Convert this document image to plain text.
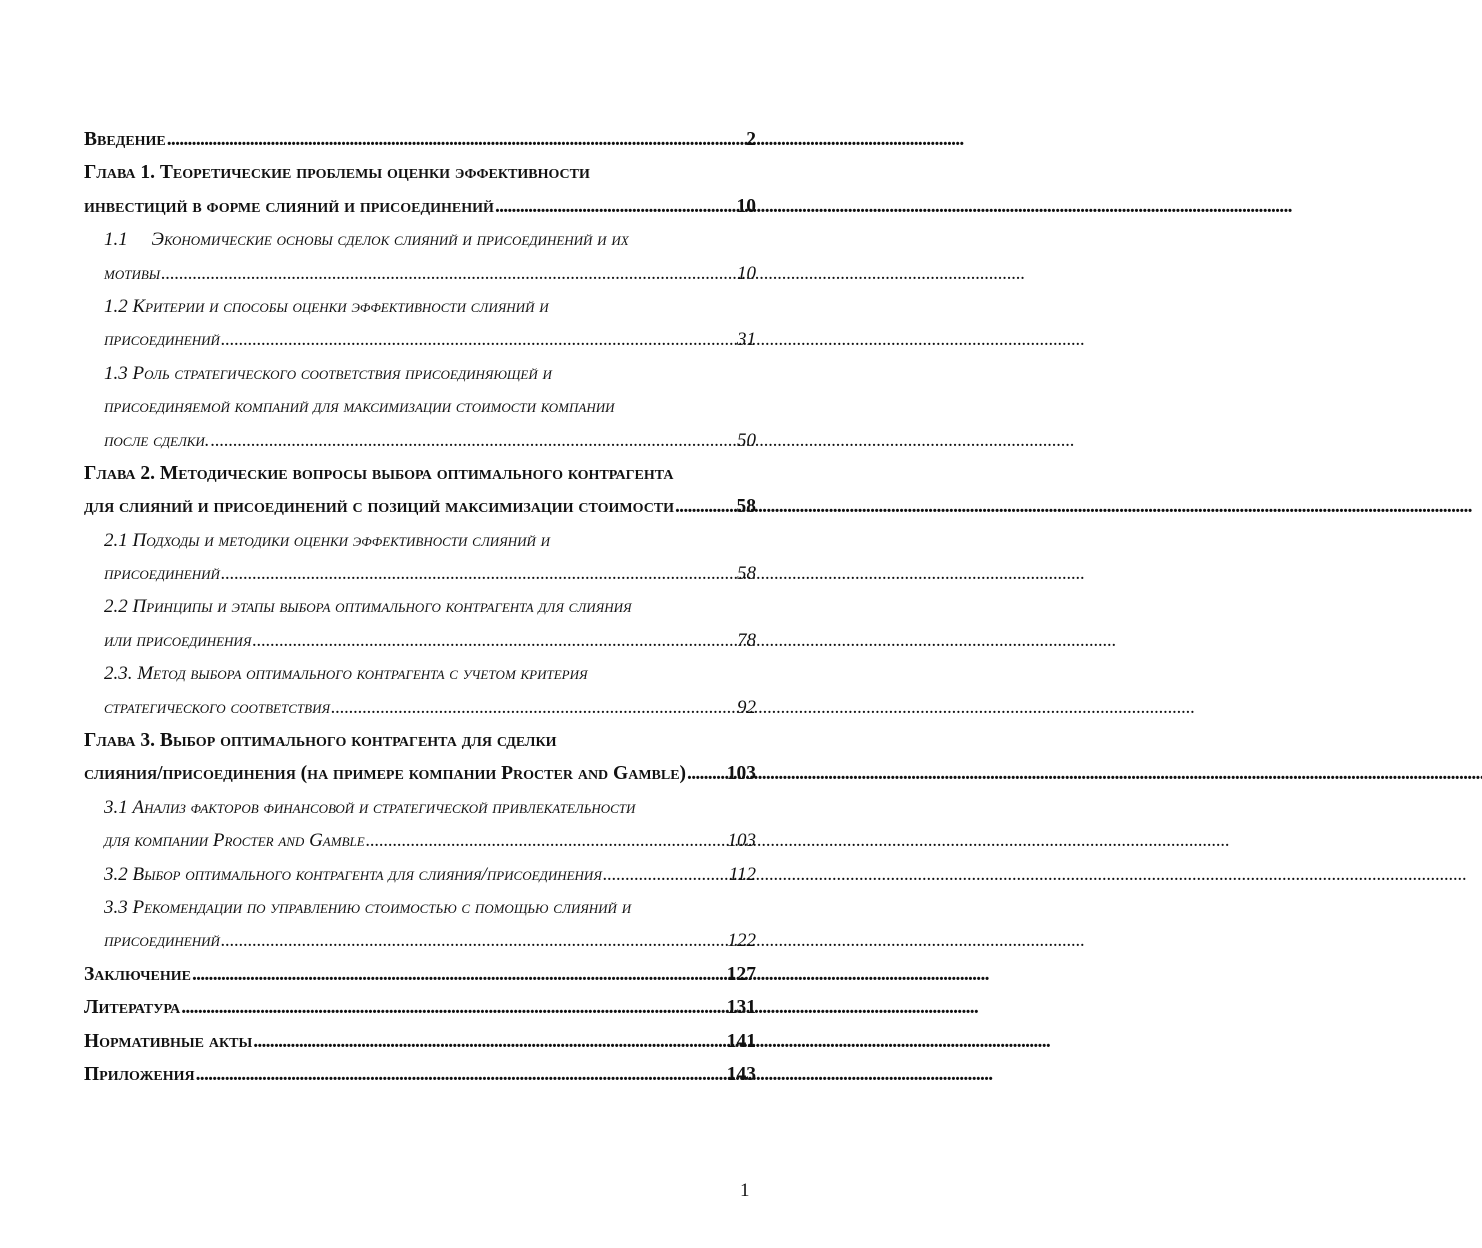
Введение . . .	2
Глава 1. Теоретические проблемы оценки эффективности
инвестиций в форме слияний и присоединений . . .	10
1.1     Экономические основы сделок слияний и присоединений и их
мотивы . . .	10
1.2 Критерии и способы оценки эффективности слияний и
присоединений . . .	31
1.3 Роль стратегического соответствия присоединяющей и
присоединяемой компаний для максимизации стоимости компании
после сделки. . . .	50
Глава 2. Методические вопросы выбора оптимального контрагента
для слияний и присоединений с позиций максимизации стоимости . . .	58
2.1 Подходы и методики оценки эффективности слияний и
присоединений . . .	58
2.2 Принципы и этапы выбора оптимального контрагента для слияния
или присоединения . . .	78
2.3. Метод выбора оптимального контрагента с учетом критерия
стратегического соответствия . . .	92
Глава 3. Выбор оптимального контрагента для сделки
слияния/присоединения (на примере компании Procter and Gamble) . . . 103
3.1 Анализ факторов финансовой и стратегической привлекательности
для компании Procter and Gamble . . .	103
3.2 Выбор оптимального контрагента для слияния/присоединения . . .	112
3.3 Рекомендации по управлению стоимостью с помощью слияний и
присоединений . . .	122
Заключение . . .	127
Литература . . .	131
Нормативные акты . . .	141
Приложения . . .	143
1
